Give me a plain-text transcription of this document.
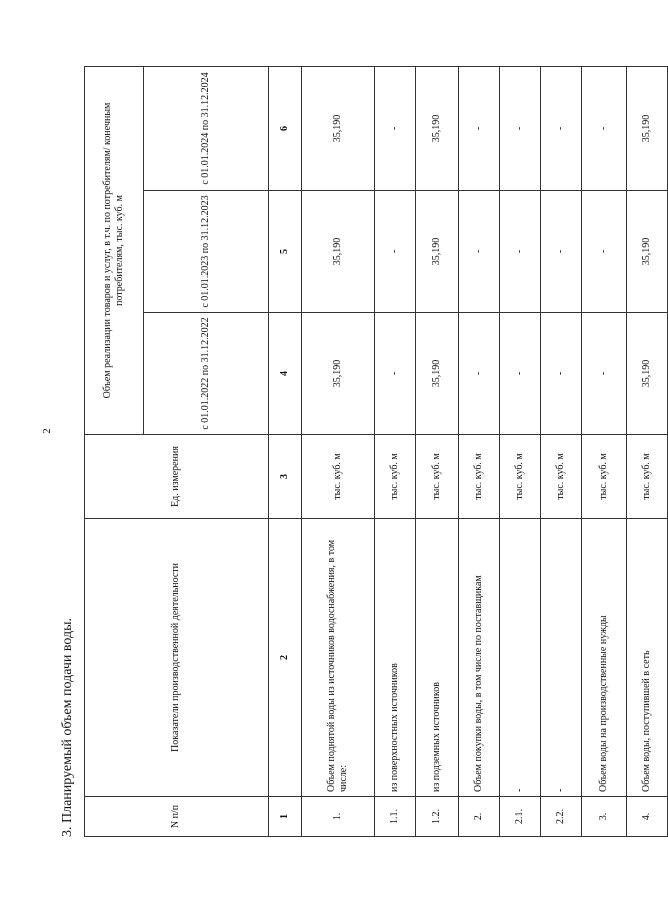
2
3. Планируемый объем подачи воды.	N п/п	Показатели производственной деятельности	Ед. измерения	Объем реализации товаров и услуг, в т.ч. по потребителям/ конечным потребителям, тыс. куб. м		
			с 01.01.2022 по 31.12.2022	с 01.01.2023 по 31.12.2023	с 01.01.2024 по 31.12.2024
1	2	3	4	5	6
1.	Объем поднятой воды из источников водоснабжения, в том числе:	тыс. куб. м	35,190	35,190	35,190
1.1.	из поверхностных источников	тыс. куб. м	-	-	-
1.2.	из подземных источников	тыс. куб. м	35,190	35,190	35,190
2.	Объем покупки воды, в том числе по поставщикам	тыс. куб. м	-	-	-
2.1.	-	тыс. куб. м	-	-	-
2.2.	-	тыс. куб. м	-	-	-
3.	Объем воды на производственные нужды	тыс. куб. м	-	-	-
4.	Объем воды, поступившей в сеть	тыс. куб. м	35,190	35,190	35,190
